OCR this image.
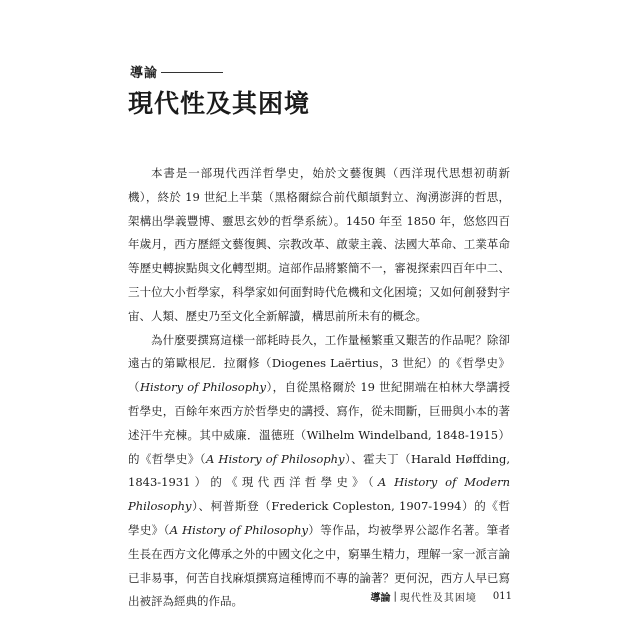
導論
現代性及其困境

本書是一部現代西洋哲學史，始於文藝復興（西洋現代思想初萌新機），終於 19 世紀上半葉（黑格爾綜合前代顛頡對立、洶湧澎湃的哲思，架構出學義豐博、靈思玄妙的哲學系統）。1450 年至 1850 年，悠悠四百年歲月，西方歷經文藝復興、宗教改革、啟蒙主義、法國大革命、工業革命等歷史轉捩點與文化轉型期。這部作品將繁簡不一，審視探索四百年中二、三十位大小哲學家，科學家如何面對時代危機和文化困境；又如何創發對宇宙、人類、歷史乃至文化全新解讀，構思前所未有的概念。

為什麼要撰寫這樣一部耗時長久，工作量極繁重又艱苦的作品呢？除卻遠古的第歐根尼．拉爾修（Diogenes Laërtius，3 世紀）的《哲學史》（History of Philosophy），自從黑格爾於 19 世紀開端在柏林大學講授哲學史，百餘年來西方於哲學史的講授、寫作，從未間斷，巨冊與小本的著述汗牛充棟。其中威廉．溫德班（Wilhelm Windelband, 1848-1915）的《哲學史》（A History of Philosophy）、霍夫丁（Harald Høffding, 1843-1931）的《現代西洋哲學史》（A History of Modern Philosophy）、柯普斯登（Frederick Copleston, 1907-1994）的《哲學史》（A History of Philosophy）等作品，均被學界公認作名著。筆者生長在西方文化傳承之外的中國文化之中，窮畢生精力，理解一家一派言論已非易事，何苦自找麻煩撰寫這種博而不專的論著？更何況，西方人早已寫出被評為經典的作品。	導論 | 現代性及其困境 011
